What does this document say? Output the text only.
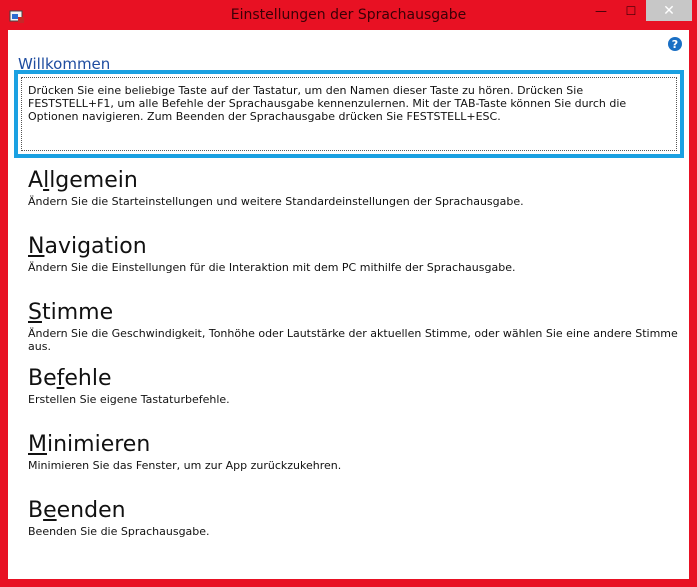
Einstellungen der Sprachausgabe	—	☐	✕
?
Willkommen
Drücken Sie eine beliebige Taste auf der Tastatur, um den Namen dieser Taste zu hören. Drücken Sie FESTSTELL+F1, um alle Befehle der Sprachausgabe kennenzulernen. Mit der TAB-Taste können Sie durch die Optionen navigieren. Zum Beenden der Sprachausgabe drücken Sie FESTSTELL+ESC.
Allgemein
Ändern Sie die Starteinstellungen und weitere Standardeinstellungen der Sprachausgabe.
Navigation
Ändern Sie die Einstellungen für die Interaktion mit dem PC mithilfe der Sprachausgabe.
Stimme
Ändern Sie die Geschwindigkeit, Tonhöhe oder Lautstärke der aktuellen Stimme, oder wählen Sie eine andere Stimme aus.
Befehle
Erstellen Sie eigene Tastaturbefehle.
Minimieren
Minimieren Sie das Fenster, um zur App zurückzukehren.
Beenden
Beenden Sie die Sprachausgabe.
